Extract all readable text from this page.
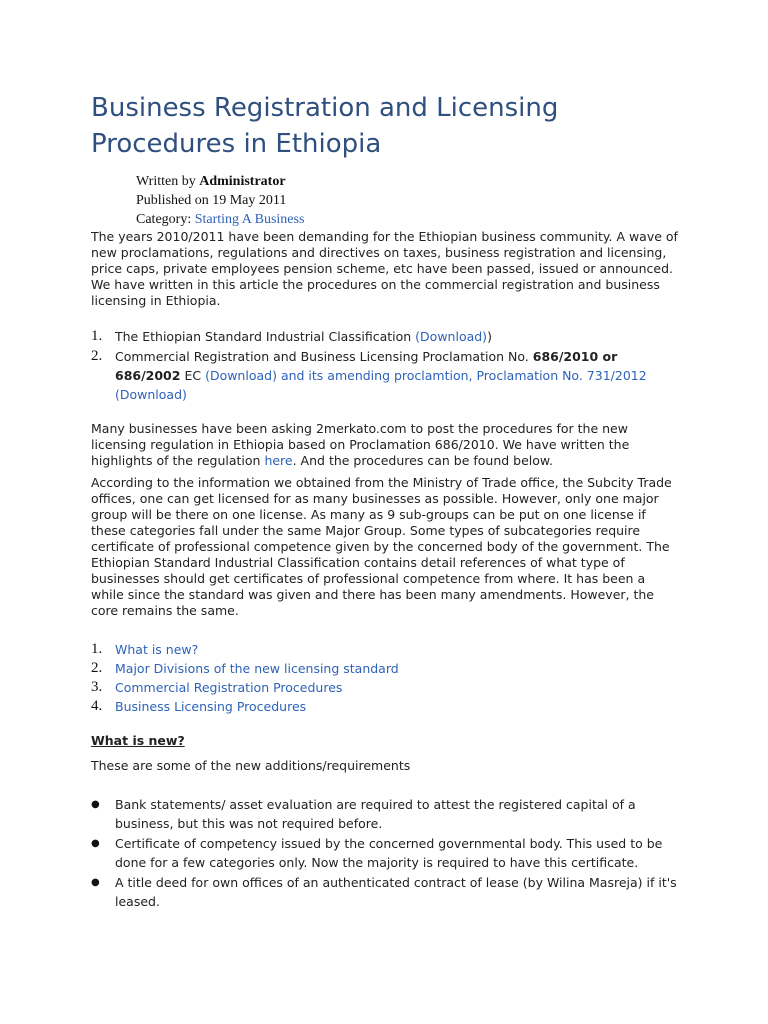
Business Registration and Licensing Procedures in Ethiopia
Written by Administrator
Published on 19 May 2011
Category: Starting A Business

The years 2010/2011 have been demanding for the Ethiopian business community. A wave of new proclamations, regulations and directives on taxes, business registration and licensing, price caps, private employees pension scheme, etc have been passed, issued or announced. We have written in this article the procedures on the commercial registration and business licensing in Ethiopia.

1. The Ethiopian Standard Industrial Classification (Download))
2. Commercial Registration and Business Licensing Proclamation No. 686/2010 or 686/2002 EC (Download) and its amending proclamtion, Proclamation No. 731/2012 (Download)

Many businesses have been asking 2merkato.com to post the procedures for the new licensing regulation in Ethiopia based on Proclamation 686/2010. We have written the highlights of the regulation here. And the procedures can be found below.

According to the information we obtained from the Ministry of Trade office, the Subcity Trade offices, one can get licensed for as many businesses as possible. However, only one major group will be there on one license. As many as 9 sub-groups can be put on one license if these categories fall under the same Major Group. Some types of subcategories require certificate of professional competence given by the concerned body of the government. The Ethiopian Standard Industrial Classification contains detail references of what type of businesses should get certificates of professional competence from where. It has been a while since the standard was given and there has been many amendments. However, the core remains the same.

1. What is new?
2. Major Divisions of the new licensing standard
3. Commercial Registration Procedures
4. Business Licensing Procedures
What is new?

These are some of the new additions/requirements

● Bank statements/ asset evaluation are required to attest the registered capital of a business, but this was not required before.
● Certificate of competency issued by the concerned governmental body. This used to be done for a few categories only. Now the majority is required to have this certificate.
● A title deed for own offices of an authenticated contract of lease (by Wilina Masreja) if it's leased.
